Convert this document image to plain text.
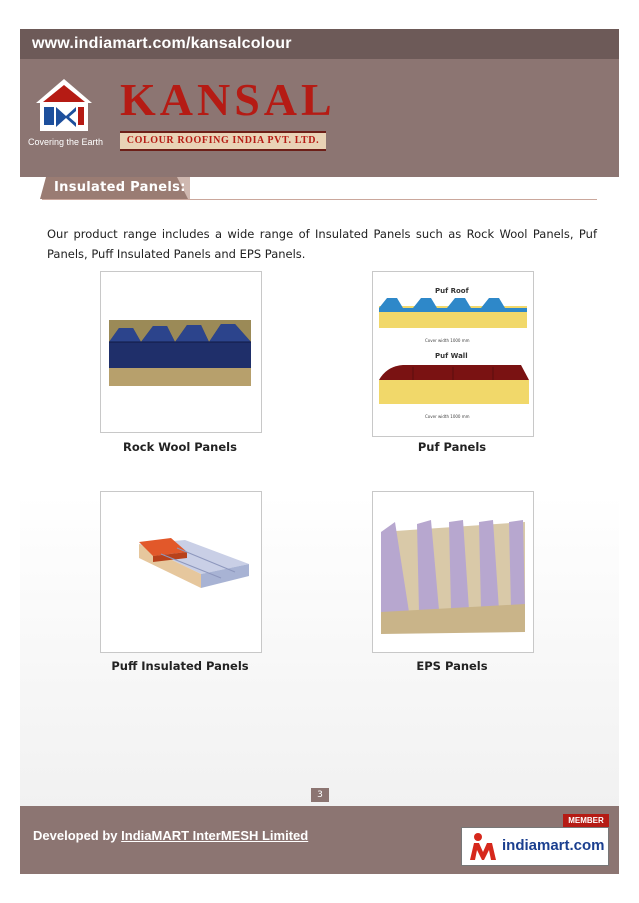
www.indiamart.com/kansalcolour
Covering the Earth
KANSAL
COLOUR ROOFING INDIA PVT. LTD.
Insulated Panels:

Our product range includes a wide range of Insulated Panels such as Rock Wool Panels, Puf Panels, Puff Insulated Panels and EPS Panels.

Rock Wool Panels
Puf Roof
Cover width 1000 mm
Puf Wall
Cover width 1000 mm
Puf Panels
Puff Insulated Panels	EPS Panels
3
Developed by IndiaMART InterMESH Limited
MEMBER
indiamart.com
